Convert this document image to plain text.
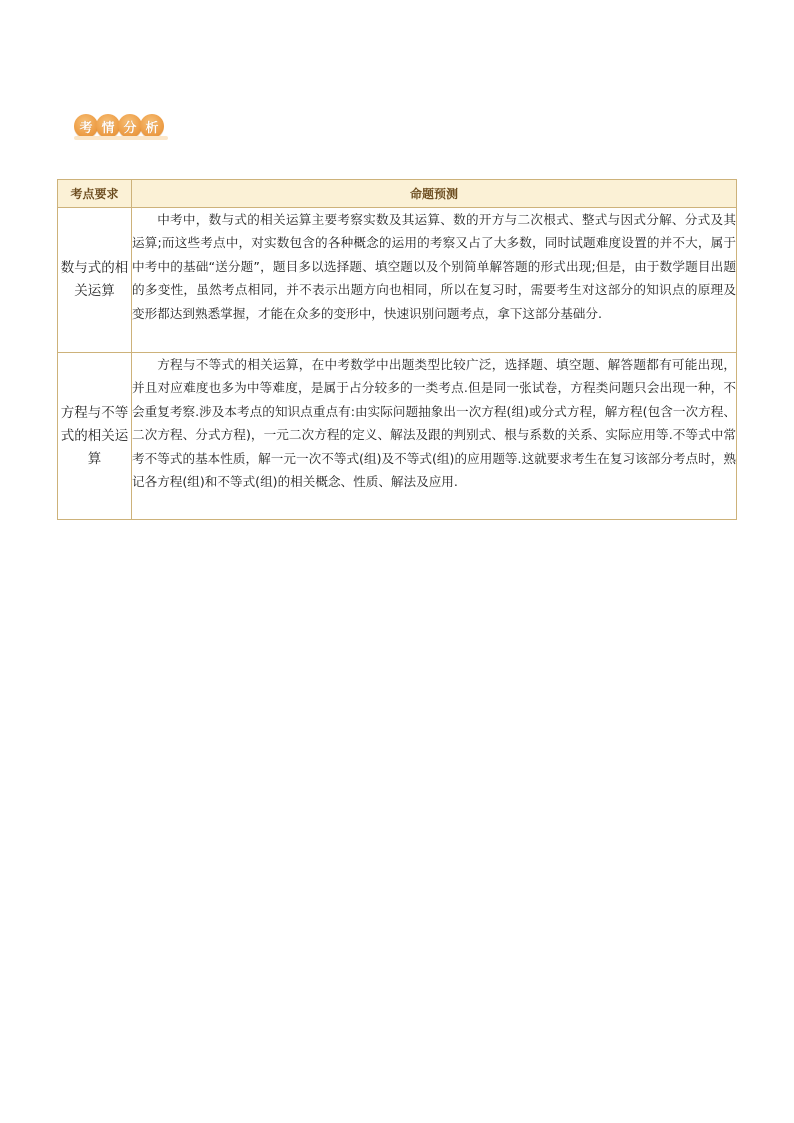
考 情 分 析
考点要求	命题预测
数与式的相关运算	中考中，数与式的相关运算主要考察实数及其运算、数的开方与二次根式、整式与因式分解、分式及其运算;而这些考点中，对实数包含的各种概念的运用的考察又占了大多数，同时试题难度设置的并不大，属于中考中的基础“送分题”，题目多以选择题、填空题以及个别简单解答题的形式出现;但是，由于数学题目出题的多变性，虽然考点相同，并不表示出题方向也相同，所以在复习时，需要考生对这部分的知识点的原理及变形都达到熟悉掌握，才能在众多的变形中，快速识别问题考点，拿下这部分基础分.

方程与不等式的相关运算	方程与不等式的相关运算，在中考数学中出题类型比较广泛，选择题、填空题、解答题都有可能出现，并且对应难度也多为中等难度，是属于占分较多的一类考点.但是同一张试卷，方程类问题只会出现一种，不会重复考察.涉及本考点的知识点重点有:由实际问题抽象出一次方程(组)或分式方程，解方程(包含一次方程、二次方程、分式方程)，一元二次方程的定义、解法及跟的判别式、根与系数的关系、实际应用等.不等式中常考不等式的基本性质，解一元一次不等式(组)及不等式(组)的应用题等.这就要求考生在复习该部分考点时，熟记各方程(组)和不等式(组)的相关概念、性质、解法及应用.
